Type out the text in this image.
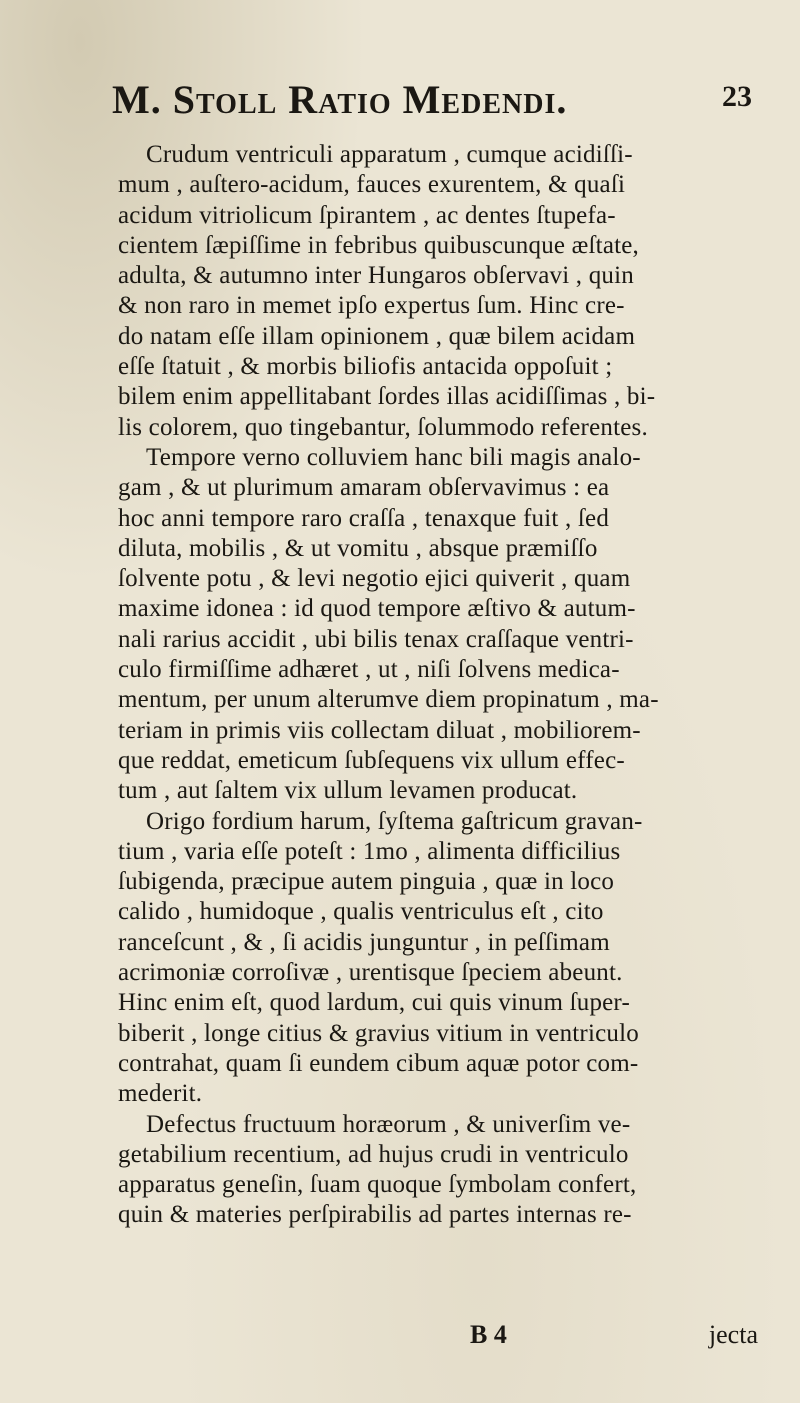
M. Stoll Ratio Medendi.	23
Crudum ventriculi apparatum , cumque acidiſſi-
mum , auſtero-acidum, fauces exurentem, & quaſi
acidum vitriolicum ſpirantem , ac dentes ſtupefa-
cientem ſæpiſſime in febribus quibuscunque æſtate,
adulta, & autumno inter Hungaros obſervavi , quin
& non raro in memet ipſo expertus ſum. Hinc cre-
do natam eſſe illam opinionem , quæ bilem acidam
eſſe ſtatuit , & morbis biliofis antacida oppoſuit ;
bilem enim appellitabant ſordes illas acidiſſimas , bi-
lis colorem, quo tingebantur, ſolummodo referentes.
Tempore verno colluviem hanc bili magis analo-
gam , & ut plurimum amaram obſervavimus : ea
hoc anni tempore raro craſſa , tenaxque fuit , ſed
diluta, mobilis , & ut vomitu , absque præmiſſo
ſolvente potu , & levi negotio ejici quiverit , quam
maxime idonea : id quod tempore æſtivo & autum-
nali rarius accidit , ubi bilis tenax craſſaque ventri-
culo firmiſſime adhæret , ut , niſi ſolvens medica-
mentum, per unum alterumve diem propinatum , ma-
teriam in primis viis collectam diluat , mobiliorem-
que reddat, emeticum ſubſequens vix ullum effec-
tum , aut ſaltem vix ullum levamen producat.
Origo fordium harum, ſyſtema gaſtricum gravan-
tium , varia eſſe poteſt : 1mo , alimenta difficilius
ſubigenda, præcipue autem pinguia , quæ in loco
calido , humidoque , qualis ventriculus eſt , cito
ranceſcunt , & , ſi acidis junguntur , in peſſimam
acrimoniæ corroſivæ , urentisque ſpeciem abeunt.
Hinc enim eſt, quod lardum, cui quis vinum ſuper-
biberit , longe citius & gravius vitium in ventriculo
contrahat, quam ſi eundem cibum aquæ potor com-
mederit.
Defectus fructuum horæorum , & univerſim ve-
getabilium recentium, ad hujus crudi in ventriculo
apparatus geneſin, ſuam quoque ſymbolam confert,
quin & materies perſpirabilis ad partes internas re-
B 4	jecta
